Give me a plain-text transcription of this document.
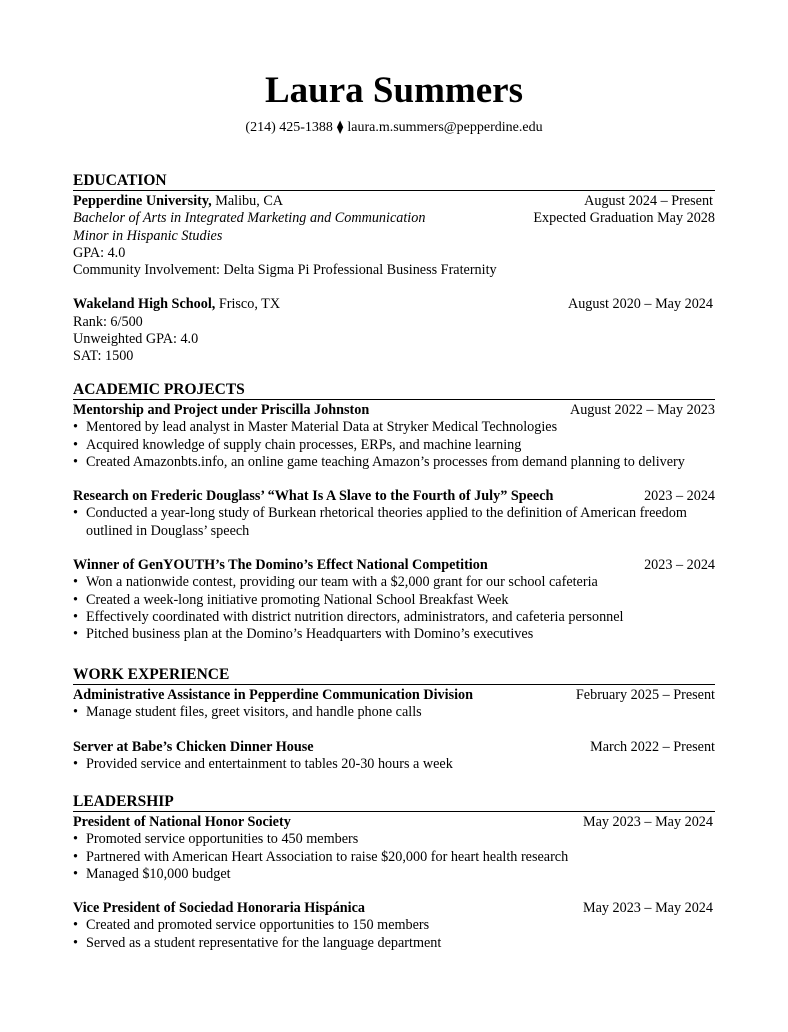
Laura Summers
(214) 425-1388 ⧫ laura.m.summers@pepperdine.edu
EDUCATION
Pepperdine University, Malibu, CA	August 2024 – Present
Bachelor of Arts in Integrated Marketing and Communication	Expected Graduation May 2028
Minor in Hispanic Studies
GPA: 4.0
Community Involvement: Delta Sigma Pi Professional Business Fraternity
Wakeland High School, Frisco, TX	August 2020 – May 2024
Rank: 6/500
Unweighted GPA: 4.0
SAT: 1500
ACADEMIC PROJECTS
Mentorship and Project under Priscilla Johnston	August 2022 – May 2023
• Mentored by lead analyst in Master Material Data at Stryker Medical Technologies
• Acquired knowledge of supply chain processes, ERPs, and machine learning
• Created Amazonbts.info, an online game teaching Amazon’s processes from demand planning to delivery
Research on Frederic Douglass’ “What Is A Slave to the Fourth of July” Speech	2023 – 2024
• Conducted a year-long study of Burkean rhetorical theories applied to the definition of American freedom outlined in Douglass’ speech
Winner of GenYOUTH’s The Domino’s Effect National Competition	2023 – 2024
• Won a nationwide contest, providing our team with a $2,000 grant for our school cafeteria
• Created a week-long initiative promoting National School Breakfast Week
• Effectively coordinated with district nutrition directors, administrators, and cafeteria personnel
• Pitched business plan at the Domino’s Headquarters with Domino’s executives
WORK EXPERIENCE
Administrative Assistance in Pepperdine Communication Division	February 2025 – Present
• Manage student files, greet visitors, and handle phone calls
Server at Babe’s Chicken Dinner House	March 2022 – Present
• Provided service and entertainment to tables 20-30 hours a week
LEADERSHIP
President of National Honor Society	May 2023 – May 2024
• Promoted service opportunities to 450 members
• Partnered with American Heart Association to raise $20,000 for heart health research
• Managed $10,000 budget
Vice President of Sociedad Honoraria Hispánica	May 2023 – May 2024
• Created and promoted service opportunities to 150 members
• Served as a student representative for the language department
